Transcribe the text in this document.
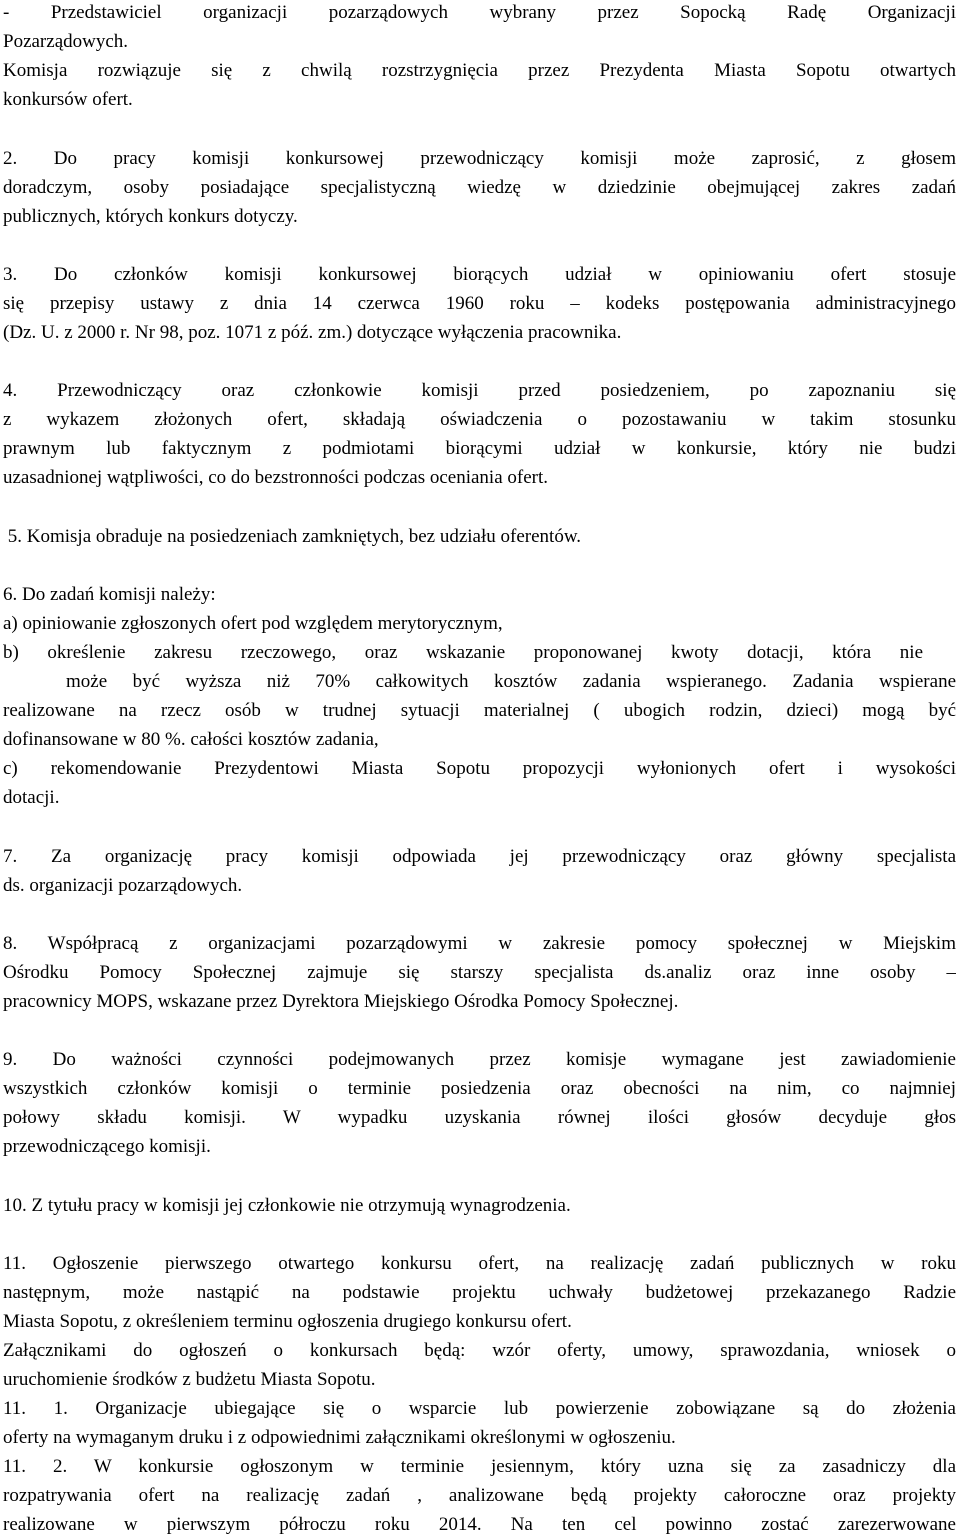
- Przedstawiciel organizacji pozarządowych wybrany przez Sopocką Radę Organizacji
Pozarządowych.
Komisja rozwiązuje się z chwilą rozstrzygnięcia przez Prezydenta Miasta Sopotu otwartych
konkursów ofert.
2. Do pracy komisji konkursowej przewodniczący komisji może zaprosić, z głosem
doradczym, osoby posiadające specjalistyczną wiedzę w dziedzinie obejmującej zakres zadań
publicznych, których konkurs dotyczy.
3. Do członków komisji konkursowej biorących udział w opiniowaniu ofert stosuje
się przepisy ustawy z dnia 14 czerwca 1960 roku – kodeks postępowania administracyjnego
(Dz. U. z 2000 r. Nr 98, poz. 1071 z póź. zm.) dotyczące wyłączenia pracownika.
4. Przewodniczący oraz członkowie komisji przed posiedzeniem, po zapoznaniu się
z wykazem złożonych ofert, składają oświadczenia o pozostawaniu w takim stosunku
prawnym lub faktycznym z podmiotami biorącymi udział w konkursie, który nie budzi
uzasadnionej wątpliwości, co do bezstronności podczas oceniania ofert.
5. Komisja obraduje na posiedzeniach zamkniętych, bez udziału oferentów.
6. Do zadań komisji należy:
a) opiniowanie zgłoszonych ofert pod względem merytorycznym,
b) określenie zakresu rzeczowego, oraz wskazanie proponowanej kwoty dotacji, która nie
może być wyższa niż 70% całkowitych kosztów zadania wspieranego. Zadania wspierane
realizowane na rzecz osób w trudnej sytuacji materialnej ( ubogich rodzin, dzieci) mogą być
dofinansowane w 80 %. całości kosztów zadania,
c) rekomendowanie Prezydentowi Miasta Sopotu propozycji wyłonionych ofert i wysokości
dotacji.
7. Za organizację pracy komisji odpowiada jej przewodniczący oraz główny specjalista
ds. organizacji pozarządowych.
8. Współpracą z organizacjami pozarządowymi w zakresie pomocy społecznej w Miejskim
Ośrodku Pomocy Społecznej zajmuje się starszy specjalista ds.analiz oraz inne osoby –
pracownicy MOPS, wskazane przez Dyrektora Miejskiego Ośrodka Pomocy Społecznej.
9. Do ważności czynności podejmowanych przez komisje wymagane jest zawiadomienie
wszystkich członków komisji o terminie posiedzenia oraz obecności na nim, co najmniej
połowy składu komisji. W wypadku uzyskania równej ilości głosów decyduje głos
przewodniczącego komisji.
10. Z tytułu pracy w komisji jej członkowie nie otrzymują wynagrodzenia.
11. Ogłoszenie pierwszego otwartego konkursu ofert, na realizację zadań publicznych w roku
następnym, może nastąpić na podstawie projektu uchwały budżetowej przekazanego Radzie
Miasta Sopotu, z określeniem terminu ogłoszenia drugiego konkursu ofert.
Załącznikami do ogłoszeń o konkursach będą: wzór oferty, umowy, sprawozdania, wniosek o
uruchomienie środków z budżetu Miasta Sopotu.
11. 1. Organizacje ubiegające się o wsparcie lub powierzenie zobowiązane są do złożenia
oferty na wymaganym druku i z odpowiednimi załącznikami określonymi w ogłoszeniu.
11. 2. W konkursie ogłoszonym w terminie jesiennym, który uzna się za zasadniczy dla
rozpatrywania ofert na realizację zadań , analizowane będą projekty całoroczne oraz projekty
realizowane w pierwszym półroczu roku 2014. Na ten cel powinno zostać zarezerwowane
